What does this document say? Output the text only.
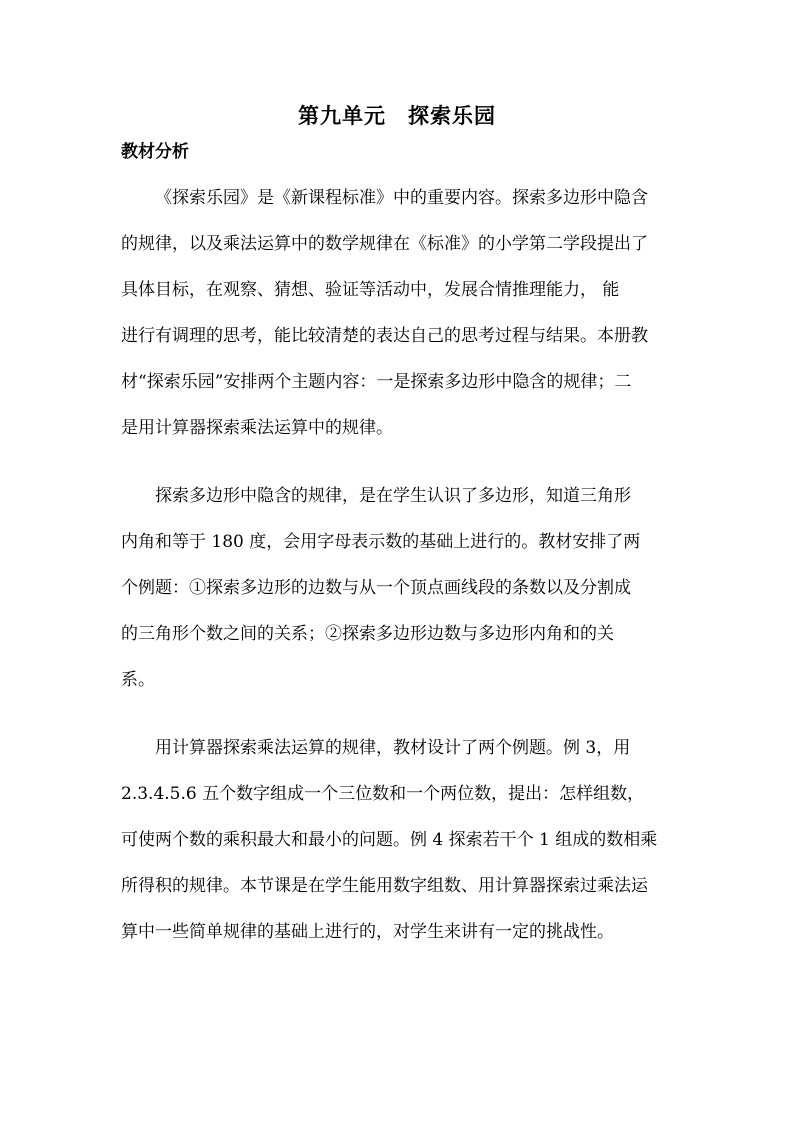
第九单元　探索乐园
教材分析

《探索乐园》是《新课程标准》中的重要内容。探索多边形中隐含

的规律，以及乘法运算中的数学规律在《标准》的小学第二学段提出了

具体目标，在观察、猜想、验证等活动中，发展合情推理能力， 能

进行有调理的思考，能比较清楚的表达自己的思考过程与结果。本册教

材“探索乐园”安排两个主题内容：一是探索多边形中隐含的规律；二

是用计算器探索乘法运算中的规律。

探索多边形中隐含的规律，是在学生认识了多边形，知道三角形

内角和等于 180 度，会用字母表示数的基础上进行的。教材安排了两

个例题：①探索多边形的边数与从一个顶点画线段的条数以及分割成

的三角形个数之间的关系；②探索多边形边数与多边形内角和的关

系。

用计算器探索乘法运算的规律，教材设计了两个例题。例 3，用

2.3.4.5.6 五个数字组成一个三位数和一个两位数，提出：怎样组数，

可使两个数的乘积最大和最小的问题。例 4 探索若干个 1 组成的数相乘

所得积的规律。本节课是在学生能用数字组数、用计算器探索过乘法运

算中一些简单规律的基础上进行的，对学生来讲有一定的挑战性。
